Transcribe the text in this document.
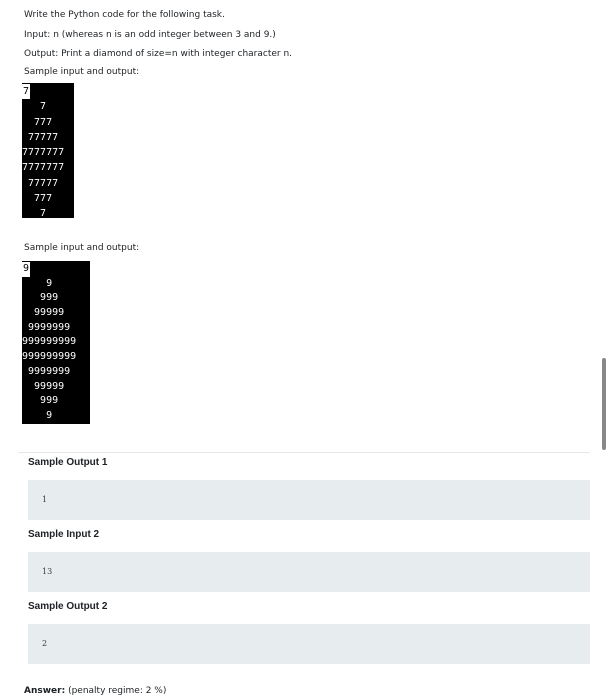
Write the Python code for the following task.

Input: n (whereas n is an odd integer between 3 and 9.)

Output: Print a diamond of size=n with integer character n.

Sample input and output:

7
7
777
77777
7777777
7777777
77777
777
7

Sample input and output:

9
9
999
99999
9999999
999999999
999999999
9999999
99999
999
9
Sample Output 1
1
Sample Input 2
13
Sample Output 2
2
Answer: (penalty regime: 2 %)
